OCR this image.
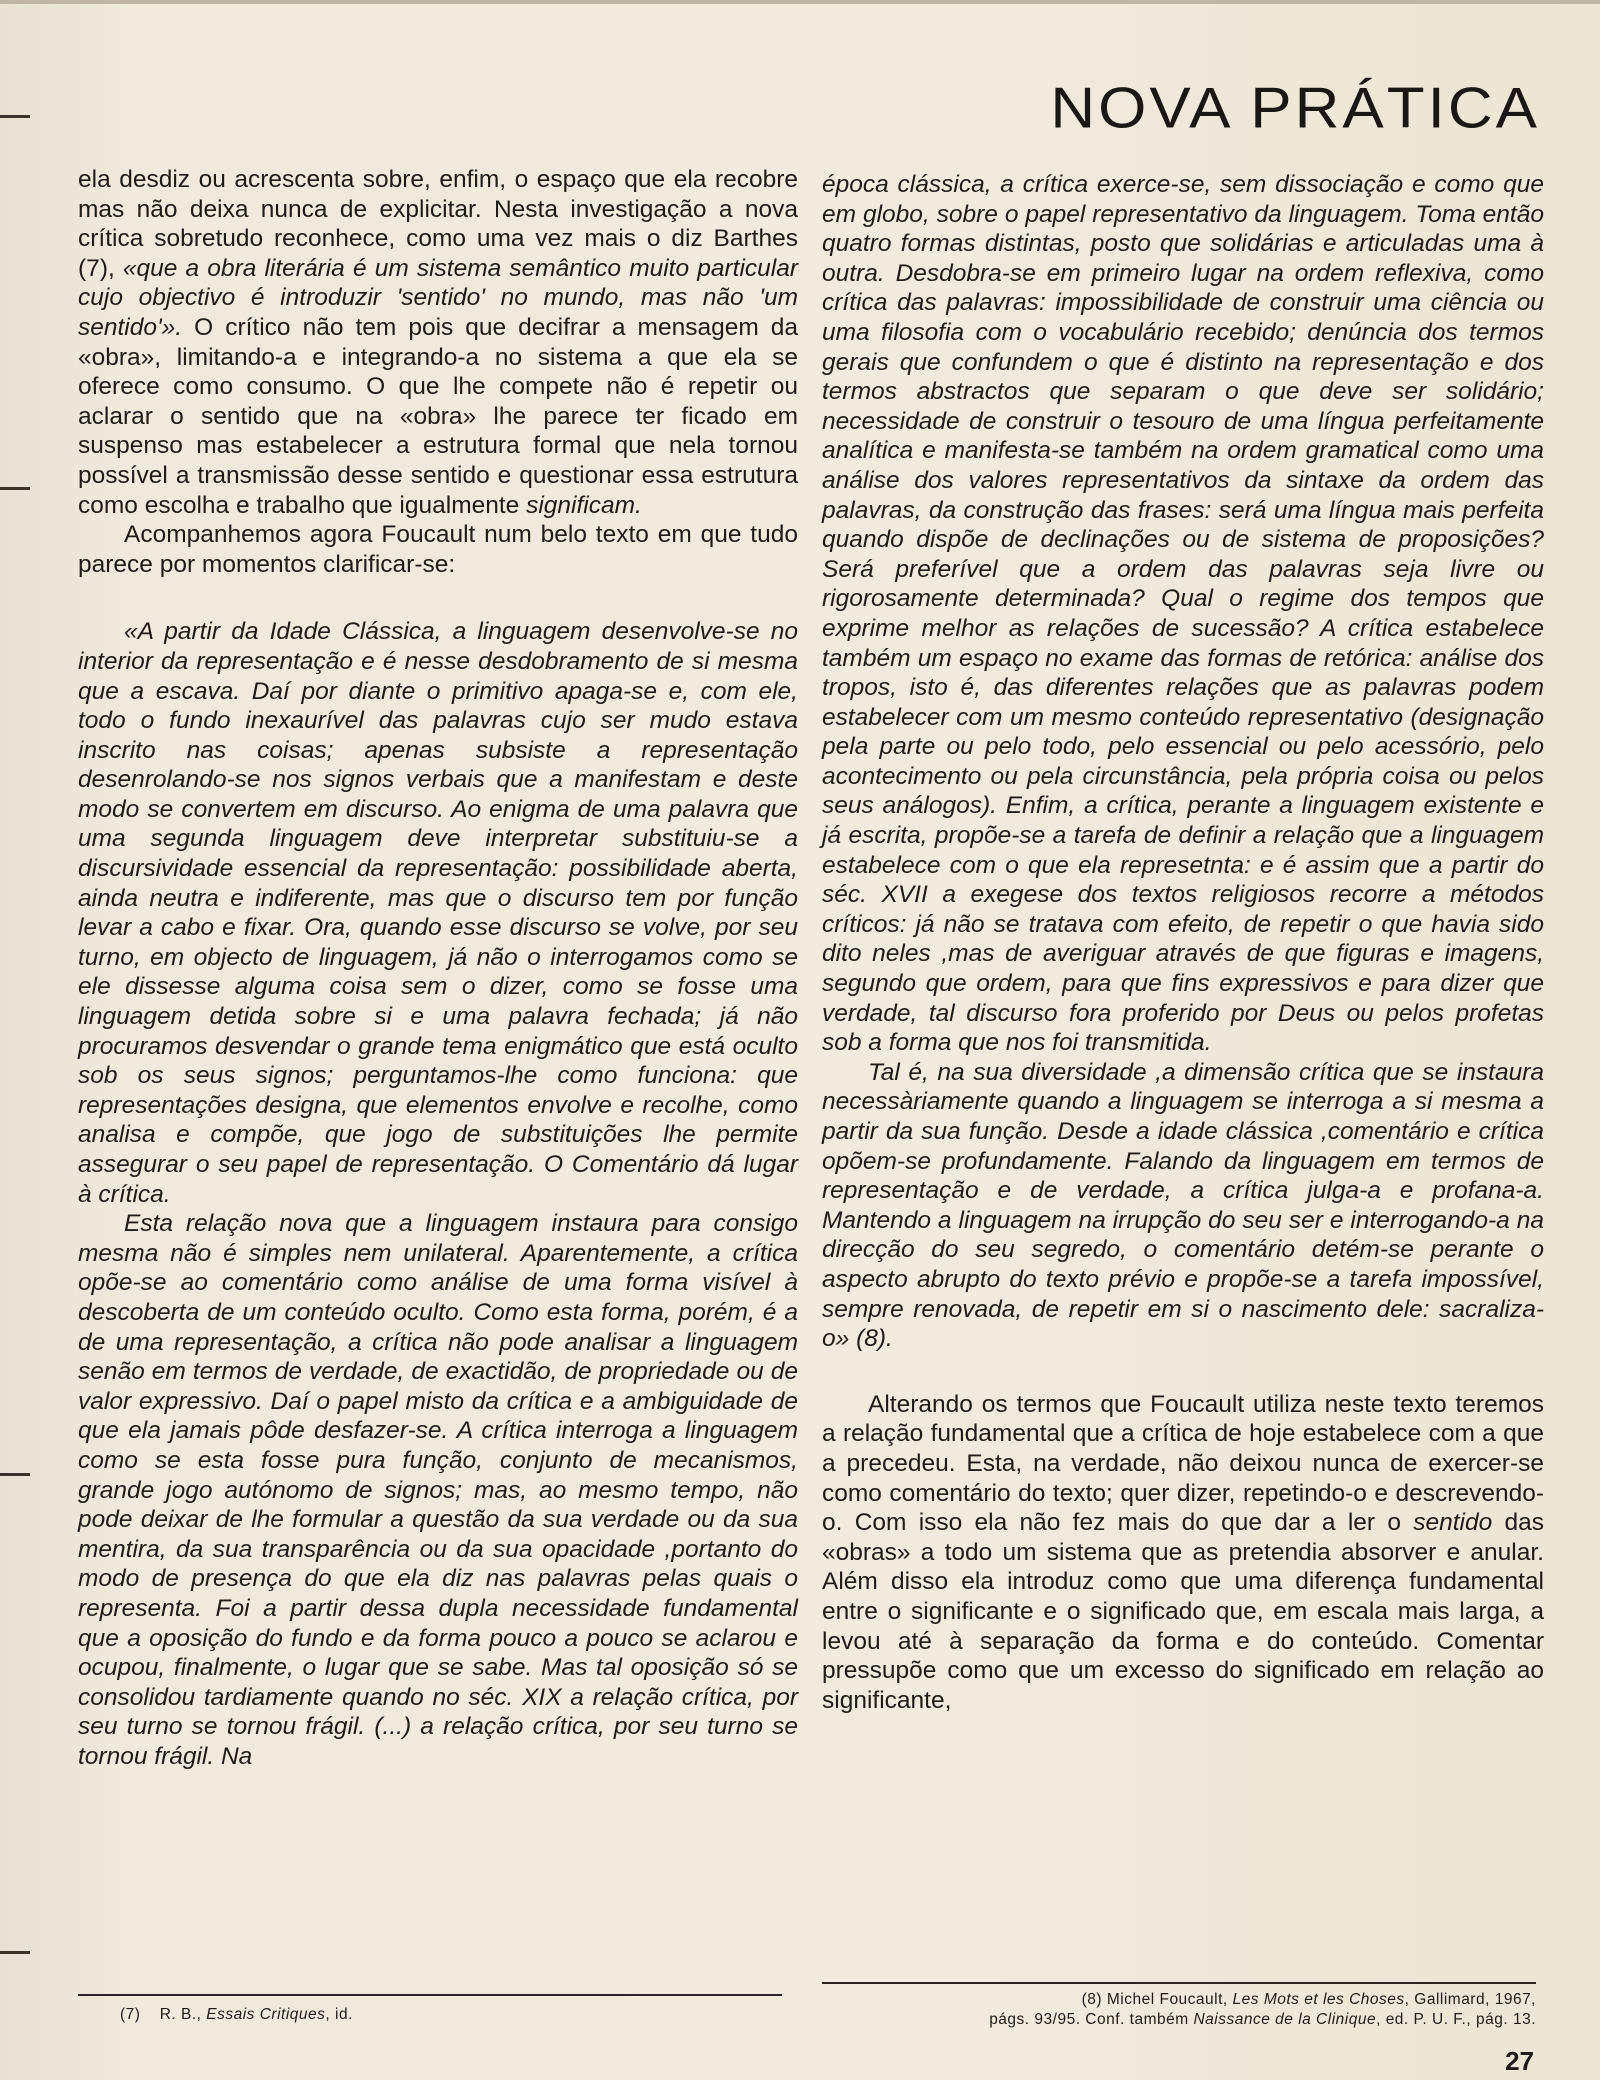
NOVA PRÁTICA

ela desdiz ou acrescenta sobre, enfim, o espaço que ela recobre mas não deixa nunca de explicitar. Nesta investigação a nova crítica sobretudo reconhece, como uma vez mais o diz Barthes (7), «que a obra literária é um sistema semântico muito particular cujo objectivo é introduzir 'sentido' no mundo, mas não 'um sentido'». O crítico não tem pois que decifrar a mensagem da «obra», limitando-a e integrando-a no sistema a que ela se oferece como consumo. O que lhe compete não é repetir ou aclarar o sentido que na «obra» lhe parece ter ficado em suspenso mas estabelecer a estrutura formal que nela tornou possível a transmissão desse sentido e questionar essa estrutura como escolha e trabalho que igualmente significam.

Acompanhemos agora Foucault num belo texto em que tudo parece por momentos clarificar-se:

«A partir da Idade Clássica, a linguagem desenvolve-se no interior da representação e é nesse desdobramento de si mesma que a escava. Daí por diante o primitivo apaga-se e, com ele, todo o fundo inexaurível das palavras cujo ser mudo estava inscrito nas coisas; apenas subsiste a representação desenrolando-se nos signos verbais que a manifestam e deste modo se convertem em discurso. Ao enigma de uma palavra que uma segunda linguagem deve interpretar substituiu-se a discursividade essencial da representação: possibilidade aberta, ainda neutra e indiferente, mas que o discurso tem por função levar a cabo e fixar. Ora, quando esse discurso se volve, por seu turno, em objecto de linguagem, já não o interrogamos como se ele dissesse alguma coisa sem o dizer, como se fosse uma linguagem detida sobre si e uma palavra fechada; já não procuramos desvendar o grande tema enigmático que está oculto sob os seus signos; perguntamos-lhe como funciona: que representações designa, que elementos envolve e recolhe, como analisa e compõe, que jogo de substituições lhe permite assegurar o seu papel de representação. O Comentário dá lugar à crítica.

Esta relação nova que a linguagem instaura para consigo mesma não é simples nem unilateral. Aparentemente, a crítica opõe-se ao comentário como análise de uma forma visível à descoberta de um conteúdo oculto. Como esta forma, porém, é a de uma representação, a crítica não pode analisar a linguagem senão em termos de verdade, de exactidão, de propriedade ou de valor expressivo. Daí o papel misto da crítica e a ambiguidade de que ela jamais pôde desfazer-se. A crítica interroga a linguagem como se esta fosse pura função, conjunto de mecanismos, grande jogo autónomo de signos; mas, ao mesmo tempo, não pode deixar de lhe formular a questão da sua verdade ou da sua mentira, da sua transparência ou da sua opacidade ,portanto do modo de presença do que ela diz nas palavras pelas quais o representa. Foi a partir dessa dupla necessidade fundamental que a oposição do fundo e da forma pouco a pouco se aclarou e ocupou, finalmente, o lugar que se sabe. Mas tal oposição só se consolidou tardiamente quando no séc. XIX a relação crítica, por seu turno se tornou frágil. (...) a relação crítica, por seu turno se tornou frágil. Na

(7) R. B., Essais Critiques, id.

época clássica, a crítica exerce-se, sem dissociação e como que em globo, sobre o papel representativo da linguagem. Toma então quatro formas distintas, posto que solidárias e articuladas uma à outra. Desdobra-se em primeiro lugar na ordem reflexiva, como crítica das palavras: impossibilidade de construir uma ciência ou uma filosofia com o vocabulário recebido; denúncia dos termos gerais que confundem o que é distinto na representação e dos termos abstractos que separam o que deve ser solidário; necessidade de construir o tesouro de uma língua perfeitamente analítica e manifesta-se também na ordem gramatical como uma análise dos valores representativos da sintaxe da ordem das palavras, da construção das frases: será uma língua mais perfeita quando dispõe de declinações ou de sistema de proposições? Será preferível que a ordem das palavras seja livre ou rigorosamente determinada? Qual o regime dos tempos que exprime melhor as relações de sucessão? A crítica estabelece também um espaço no exame das formas de retórica: análise dos tropos, isto é, das diferentes relações que as palavras podem estabelecer com um mesmo conteúdo representativo (designação pela parte ou pelo todo, pelo essencial ou pelo acessório, pelo acontecimento ou pela circunstância, pela própria coisa ou pelos seus análogos). Enfim, a crítica, perante a linguagem existente e já escrita, propõe-se a tarefa de definir a relação que a linguagem estabelece com o que ela represetnta: e é assim que a partir do séc. XVII a exegese dos textos religiosos recorre a métodos críticos: já não se tratava com efeito, de repetir o que havia sido dito neles ,mas de averiguar através de que figuras e imagens, segundo que ordem, para que fins expressivos e para dizer que verdade, tal discurso fora proferido por Deus ou pelos profetas sob a forma que nos foi transmitida.

Tal é, na sua diversidade ,a dimensão crítica que se instaura necessàriamente quando a linguagem se interroga a si mesma a partir da sua função. Desde a idade clássica ,comentário e crítica opõem-se profundamente. Falando da linguagem em termos de representação e de verdade, a crítica julga-a e profana-a. Mantendo a linguagem na irrupção do seu ser e interrogando-a na direcção do seu segredo, o comentário detém-se perante o aspecto abrupto do texto prévio e propõe-se a tarefa impossível, sempre renovada, de repetir em si o nascimento dele: sacraliza-o» (8).

Alterando os termos que Foucault utiliza neste texto teremos a relação fundamental que a crítica de hoje estabelece com a que a precedeu. Esta, na verdade, não deixou nunca de exercer-se como comentário do texto; quer dizer, repetindo-o e descrevendo-o. Com isso ela não fez mais do que dar a ler o sentido das «obras» a todo um sistema que as pretendia absorver e anular. Além disso ela introduz como que uma diferença fundamental entre o significante e o significado que, em escala mais larga, a levou até à separação da forma e do conteúdo. Comentar pressupõe como que um excesso do significado em relação ao significante,

(8) Michel Foucault, Les Mots et les Choses, Gallimard, 1967,
págs. 93/95. Conf. também Naissance de la Clinique, ed. P. U. F., pág. 13.
27
